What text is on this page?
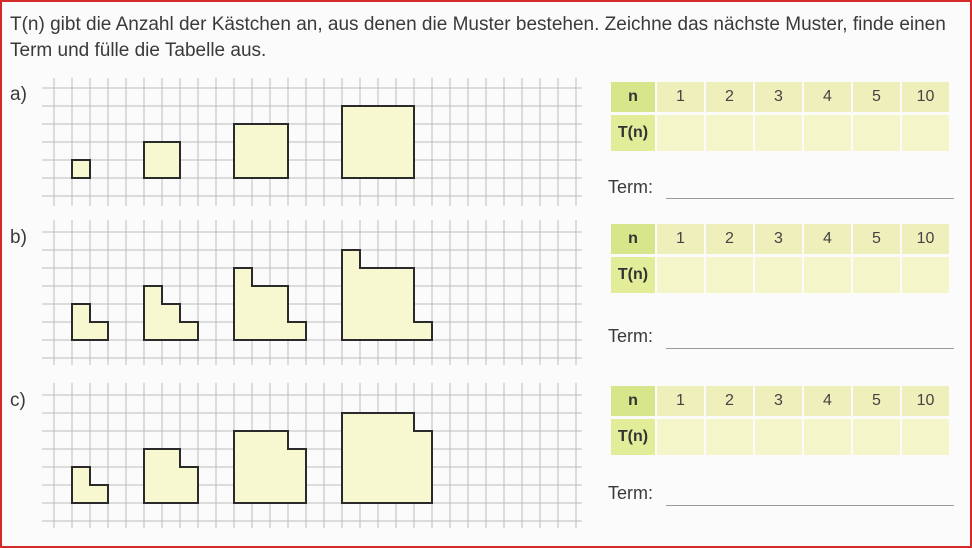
T(n) gibt die Anzahl der Kästchen an, aus denen die Muster bestehen. Zeichne das nächste Muster, finde einen Term und fülle die Tabelle aus.
a)	n	1	2	3	4	5	10

T(n)						
Term:
b)	n	1	2	3	4	5	10

T(n)						
Term:
c)	n	1	2	3	4	5	10

T(n)						
Term:
